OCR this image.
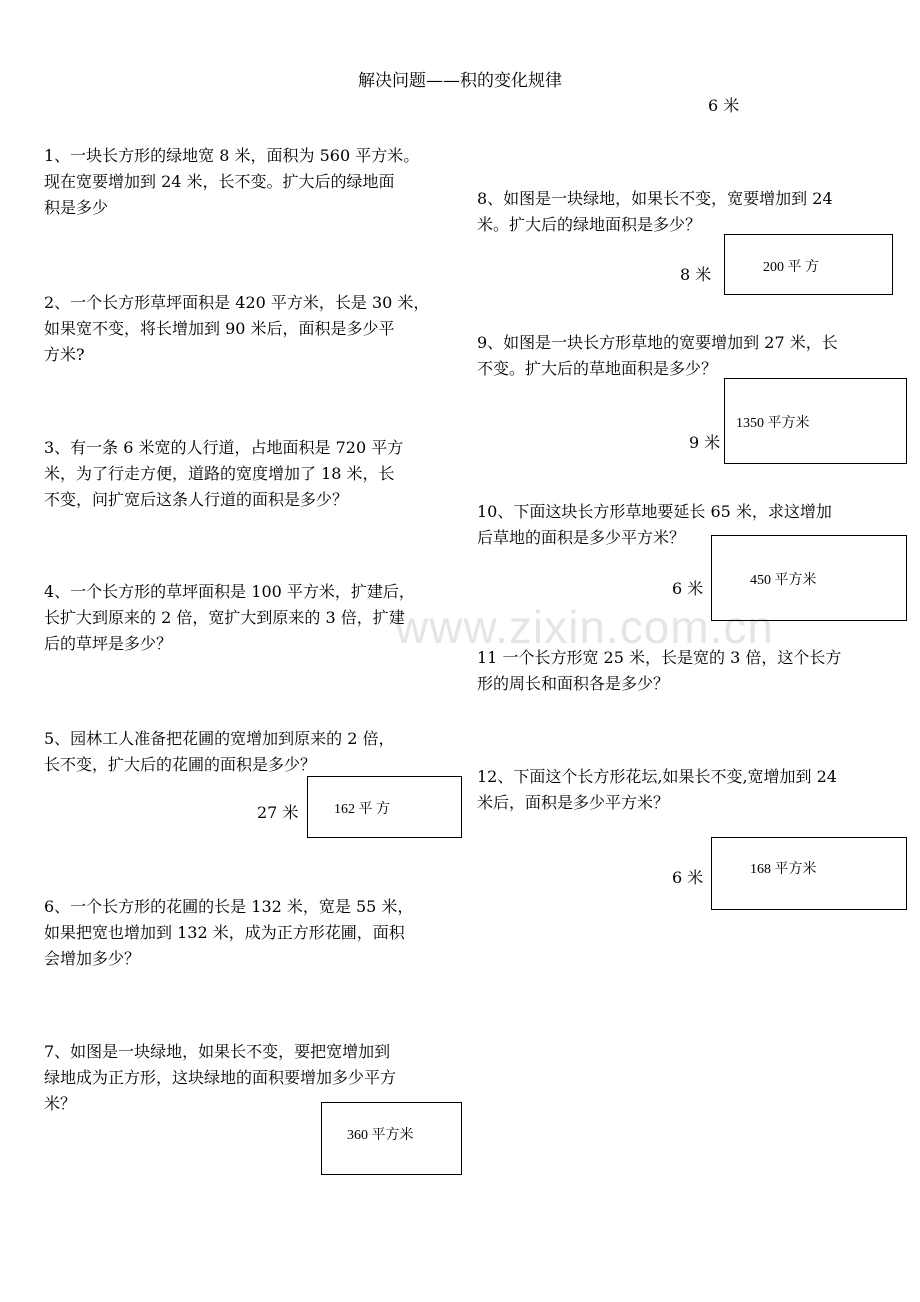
解决问题——积的变化规律
www.zixin.com.cn
1、一块长方形的绿地宽 8 米，面积为 560 平方米。
现在宽要增加到 24 米，长不变。扩大后的绿地面
积是多少
2、一个长方形草坪面积是 420 平方米，长是 30 米，
如果宽不变，将长增加到 90 米后，面积是多少平
方米?
3、有一条 6 米宽的人行道，占地面积是 720 平方
米，为了行走方便，道路的宽度增加了 18 米，长
不变，问扩宽后这条人行道的面积是多少？
4、一个长方形的草坪面积是 100 平方米，扩建后，
长扩大到原来的 2 倍，宽扩大到原来的 3 倍，扩建
后的草坪是多少？
5、园林工人准备把花圃的宽增加到原来的 2 倍，
长不变，扩大后的花圃的面积是多少？
27 米	162 平 方
6、一个长方形的花圃的长是 132 米，宽是 55 米，
如果把宽也增加到 132 米，成为正方形花圃，面积
会增加多少？
7、如图是一块绿地，如果长不变，要把宽增加到
绿地成为正方形，这块绿地的面积要增加多少平方
米？
360 平方米
6 米
8、如图是一块绿地，如果长不变，宽要增加到 24
米。扩大后的绿地面积是多少？
8 米	200 平 方
9、如图是一块长方形草地的宽要增加到 27 米，长
不变。扩大后的草地面积是多少？
9 米
1350 平方米
10、下面这块长方形草地要延长 65 米，求这增加
后草地的面积是多少平方米？
6 米	450 平方米
11 一个长方形宽 25 米，长是宽的 3 倍，这个长方
形的周长和面积各是多少？
12、下面这个长方形花坛,如果长不变,宽增加到 24
米后，面积是多少平方米？
6 米	168 平方米
